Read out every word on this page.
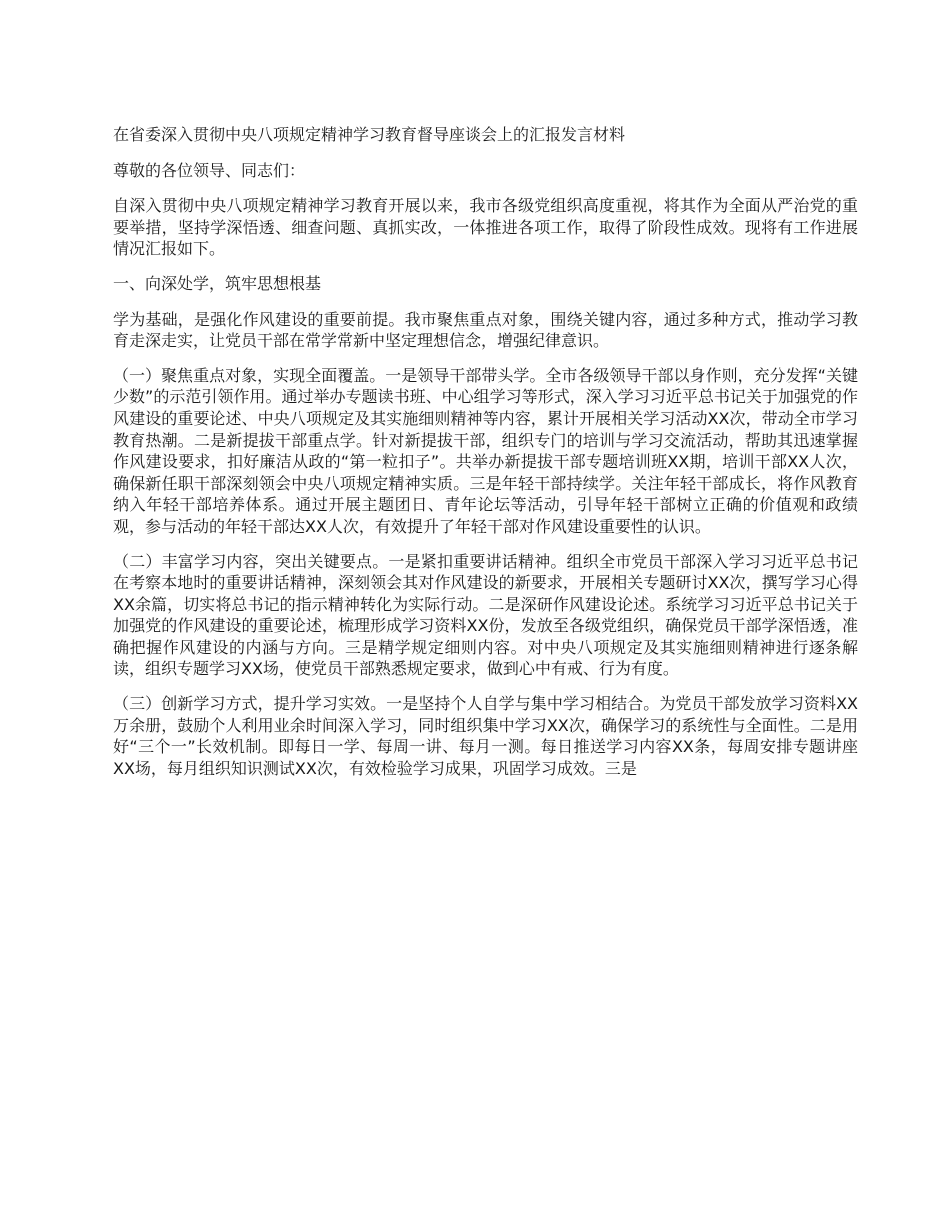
在省委深入贯彻中央八项规定精神学习教育督导座谈会上的汇报发言材料

尊敬的各位领导、同志们：

自深入贯彻中央八项规定精神学习教育开展以来，我市各级党组织高度重视，将其作为全面从严治党的重要举措，坚持学深悟透、细查问题、真抓实改，一体推进各项工作，取得了阶段性成效。现将有工作进展情况汇报如下。

一、向深处学，筑牢思想根基

学为基础，是强化作风建设的重要前提。我市聚焦重点对象，围绕关键内容，通过多种方式，推动学习教育走深走实，让党员干部在常学常新中坚定理想信念，增强纪律意识。

（一）聚焦重点对象，实现全面覆盖。一是领导干部带头学。全市各级领导干部以身作则，充分发挥“关键少数”的示范引领作用。通过举办专题读书班、中心组学习等形式，深入学习习近平总书记关于加强党的作风建设的重要论述、中央八项规定及其实施细则精神等内容，累计开展相关学习活动XX次，带动全市学习教育热潮。二是新提拔干部重点学。针对新提拔干部，组织专门的培训与学习交流活动，帮助其迅速掌握作风建设要求，扣好廉洁从政的“第一粒扣子”。共举办新提拔干部专题培训班XX期，培训干部XX人次，确保新任职干部深刻领会中央八项规定精神实质。三是年轻干部持续学。关注年轻干部成长，将作风教育纳入年轻干部培养体系。通过开展主题团日、青年论坛等活动，引导年轻干部树立正确的价值观和政绩观，参与活动的年轻干部达XX人次，有效提升了年轻干部对作风建设重要性的认识。

（二）丰富学习内容，突出关键要点。一是紧扣重要讲话精神。组织全市党员干部深入学习习近平总书记在考察本地时的重要讲话精神，深刻领会其对作风建设的新要求，开展相关专题研讨XX次，撰写学习心得XX余篇，切实将总书记的指示精神转化为实际行动。二是深研作风建设论述。系统学习习近平总书记关于加强党的作风建设的重要论述，梳理形成学习资料XX份，发放至各级党组织，确保党员干部学深悟透，准确把握作风建设的内涵与方向。三是精学规定细则内容。对中央八项规定及其实施细则精神进行逐条解读，组织专题学习XX场，使党员干部熟悉规定要求，做到心中有戒、行为有度。

（三）创新学习方式，提升学习实效。一是坚持个人自学与集中学习相结合。为党员干部发放学习资料XX万余册，鼓励个人利用业余时间深入学习，同时组织集中学习XX次，确保学习的系统性与全面性。二是用好“三个一”长效机制。即每日一学、每周一讲、每月一测。每日推送学习内容XX条，每周安排专题讲座XX场，每月组织知识测试XX次，有效检验学习成果，巩固学习成效。三是
